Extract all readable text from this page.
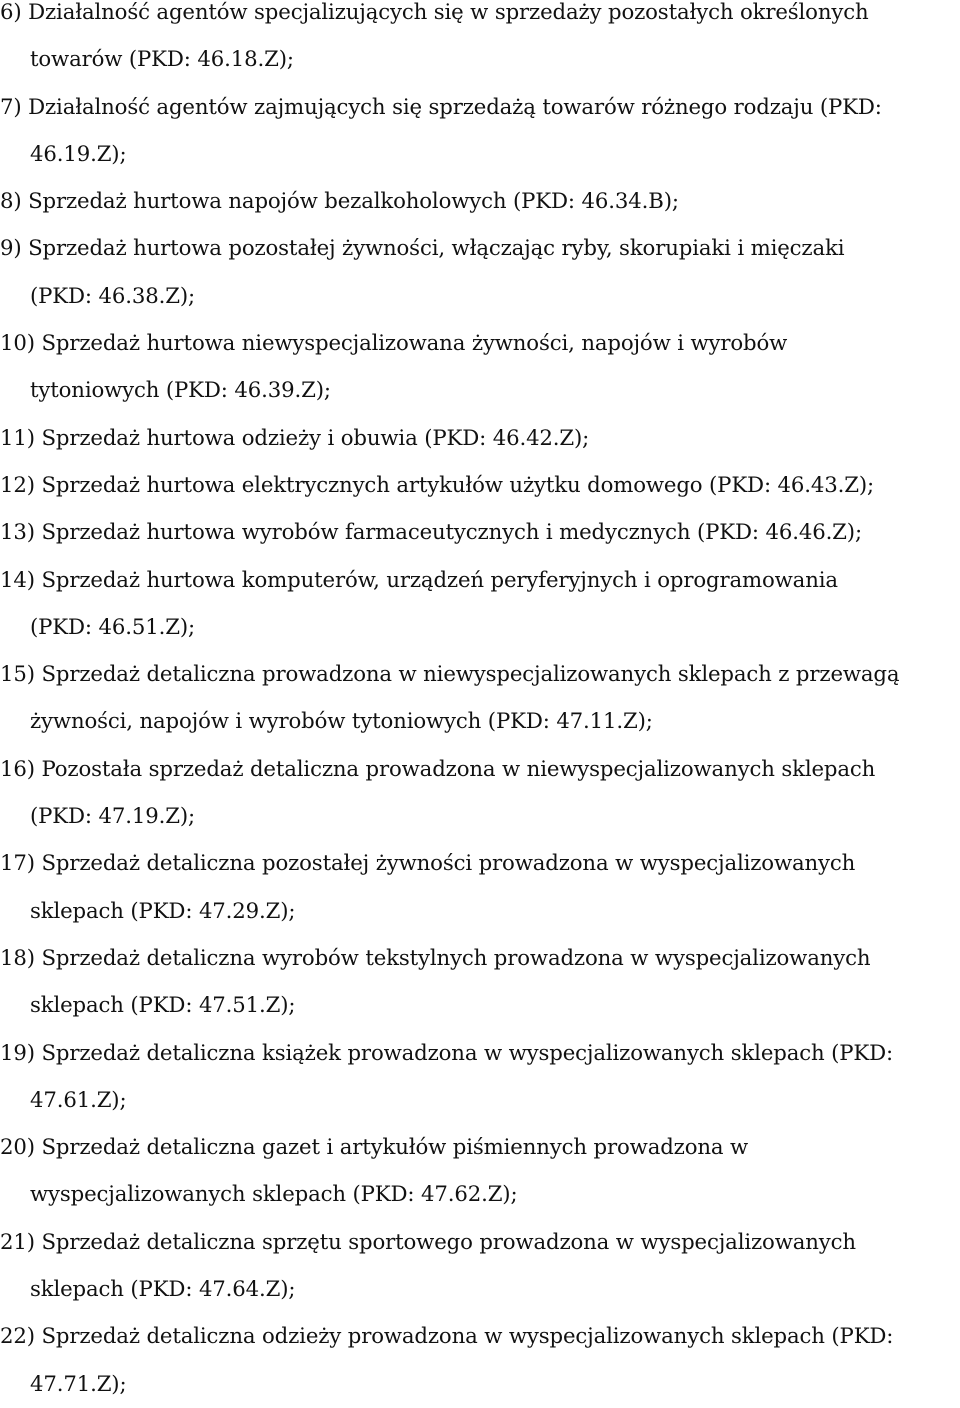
6) Działalność agentów specjalizujących się w sprzedaży pozostałych określonych
towarów (PKD: 46.18.Z);
7) Działalność agentów zajmujących się sprzedażą towarów różnego rodzaju (PKD:
46.19.Z);
8) Sprzedaż hurtowa napojów bezalkoholowych (PKD: 46.34.B);
9) Sprzedaż hurtowa pozostałej żywności, włączając ryby, skorupiaki i mięczaki
(PKD: 46.38.Z);
10) Sprzedaż hurtowa niewyspecjalizowana żywności, napojów i wyrobów
tytoniowych (PKD: 46.39.Z);
11) Sprzedaż hurtowa odzieży i obuwia (PKD: 46.42.Z);
12) Sprzedaż hurtowa elektrycznych artykułów użytku domowego (PKD: 46.43.Z);
13) Sprzedaż hurtowa wyrobów farmaceutycznych i medycznych (PKD: 46.46.Z);
14) Sprzedaż hurtowa komputerów, urządzeń peryferyjnych i oprogramowania
(PKD: 46.51.Z);
15) Sprzedaż detaliczna prowadzona w niewyspecjalizowanych sklepach z przewagą
żywności, napojów i wyrobów tytoniowych (PKD: 47.11.Z);
16) Pozostała sprzedaż detaliczna prowadzona w niewyspecjalizowanych sklepach
(PKD: 47.19.Z);
17) Sprzedaż detaliczna pozostałej żywności prowadzona w wyspecjalizowanych
sklepach (PKD: 47.29.Z);
18) Sprzedaż detaliczna wyrobów tekstylnych prowadzona w wyspecjalizowanych
sklepach (PKD: 47.51.Z);
19) Sprzedaż detaliczna książek prowadzona w wyspecjalizowanych sklepach (PKD:
47.61.Z);
20) Sprzedaż detaliczna gazet i artykułów piśmiennych prowadzona w
wyspecjalizowanych sklepach (PKD: 47.62.Z);
21) Sprzedaż detaliczna sprzętu sportowego prowadzona w wyspecjalizowanych
sklepach (PKD: 47.64.Z);
22) Sprzedaż detaliczna odzieży prowadzona w wyspecjalizowanych sklepach (PKD:
47.71.Z);
